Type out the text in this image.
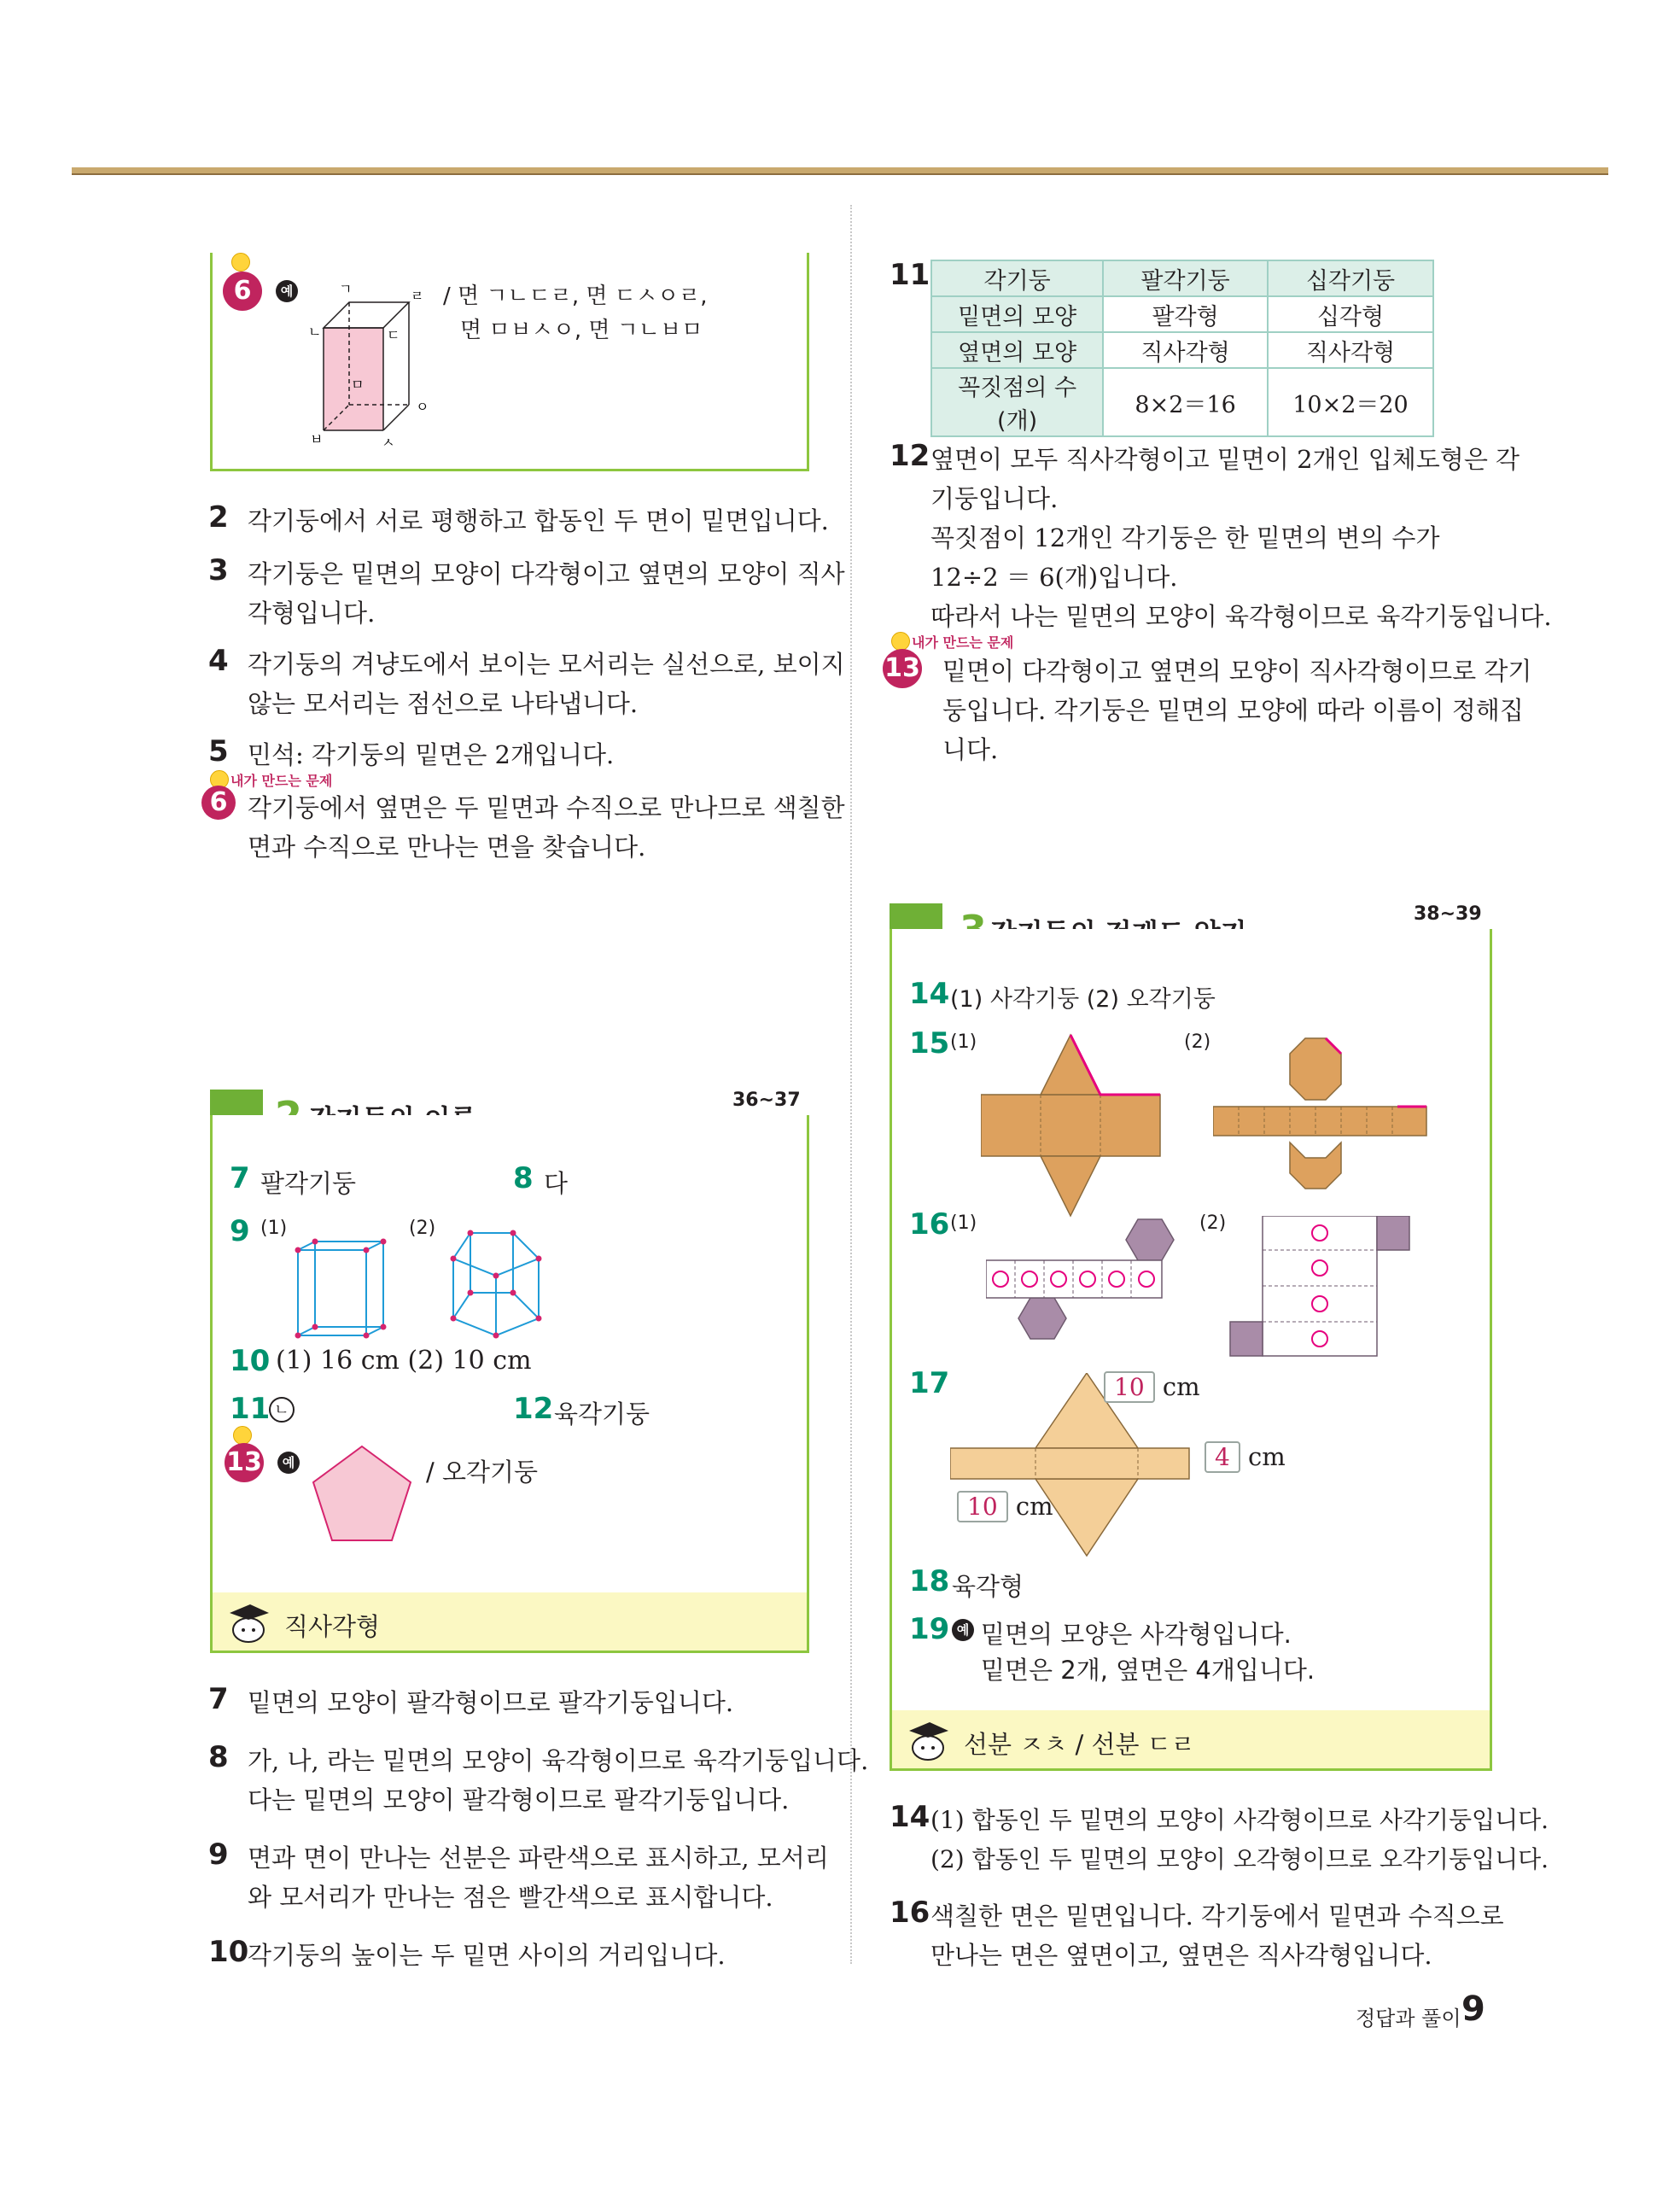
6	예	ㄱ	ㄹ
ㄴ	ㄷ
ㅁ
ㅇ
ㅂ	ㅅ
/ 면 ㄱㄴㄷㄹ, 면 ㄷㅅㅇㄹ,
면 ㅁㅂㅅㅇ, 면 ㄱㄴㅂㅁ
2 각기둥에서 서로 평행하고 합동인 두 면이 밑면입니다.
3 각기둥은 밑면의 모양이 다각형이고 옆면의 모양이 직사
각형입니다.
4 각기둥의 겨냥도에서 보이는 모서리는 실선으로, 보이지
않는 모서리는 점선으로 나타냅니다.
5 민석: 각기둥의 밑면은 2개입니다.
내가 만드는 문제
6 각기둥에서 옆면은 두 밑면과 수직으로 만나므로 색칠한
면과 수직으로 만나는 면을 찾습니다.
36~37
7 팔각기둥	8 다
9 (1)	(2)
10 (1) 16 cm (2) 10 cm
11 ㄴ	12 육각기둥
13	예	/ 오각기둥
직사각형
7 밑면의 모양이 팔각형이므로 팔각기둥입니다.
8 가, 나, 라는 밑면의 모양이 육각형이므로 육각기둥입니다.
다는 밑면의 모양이 팔각형이므로 팔각기둥입니다.
9 면과 면이 만나는 선분은 파란색으로 표시하고, 모서리
와 모서리가 만나는 점은 빨간색으로 표시합니다.
10
각기둥의 높이는 두 밑면 사이의 거리입니다.
11 각기둥	팔각기둥	십각기둥
밑면의 모양	팔각형	십각형
옆면의 모양	직사각형	직사각형
꼭짓점의 수(개)	8×2＝16	10×2＝20
12 옆면이 모두 직사각형이고 밑면이 2개인 입체도형은 각
기둥입니다.
꼭짓점이 12개인 각기둥은 한 밑면의 변의 수가
12÷2 ＝ 6(개)입니다.
따라서 나는 밑면의 모양이 육각형이므로 육각기둥입니다.
내가 만드는 문제
13 밑면이 다각형이고 옆면의 모양이 직사각형이므로 각기
둥입니다. 각기둥은 밑면의 모양에 따라 이름이 정해집
니다.
38~39
14 (1) 사각기둥 (2) 오각기둥
15 (1)	(2)
16 (1)	(2)
17	10 cm
4 cm
10 cm
18 육각형
19 예 밑면의 모양은 사각형입니다.
밑면은 2개, 옆면은 4개입니다.
선분 ㅈㅊ / 선분 ㄷㄹ
14 (1) 합동인 두 밑면의 모양이 사각형이므로 사각기둥입니다.
(2) 합동인 두 밑면의 모양이 오각형이므로 오각기둥입니다.
16 색칠한 면은 밑면입니다. 각기둥에서 밑면과 수직으로
만나는 면은 옆면이고, 옆면은 직사각형입니다.
정답과 풀이 9
